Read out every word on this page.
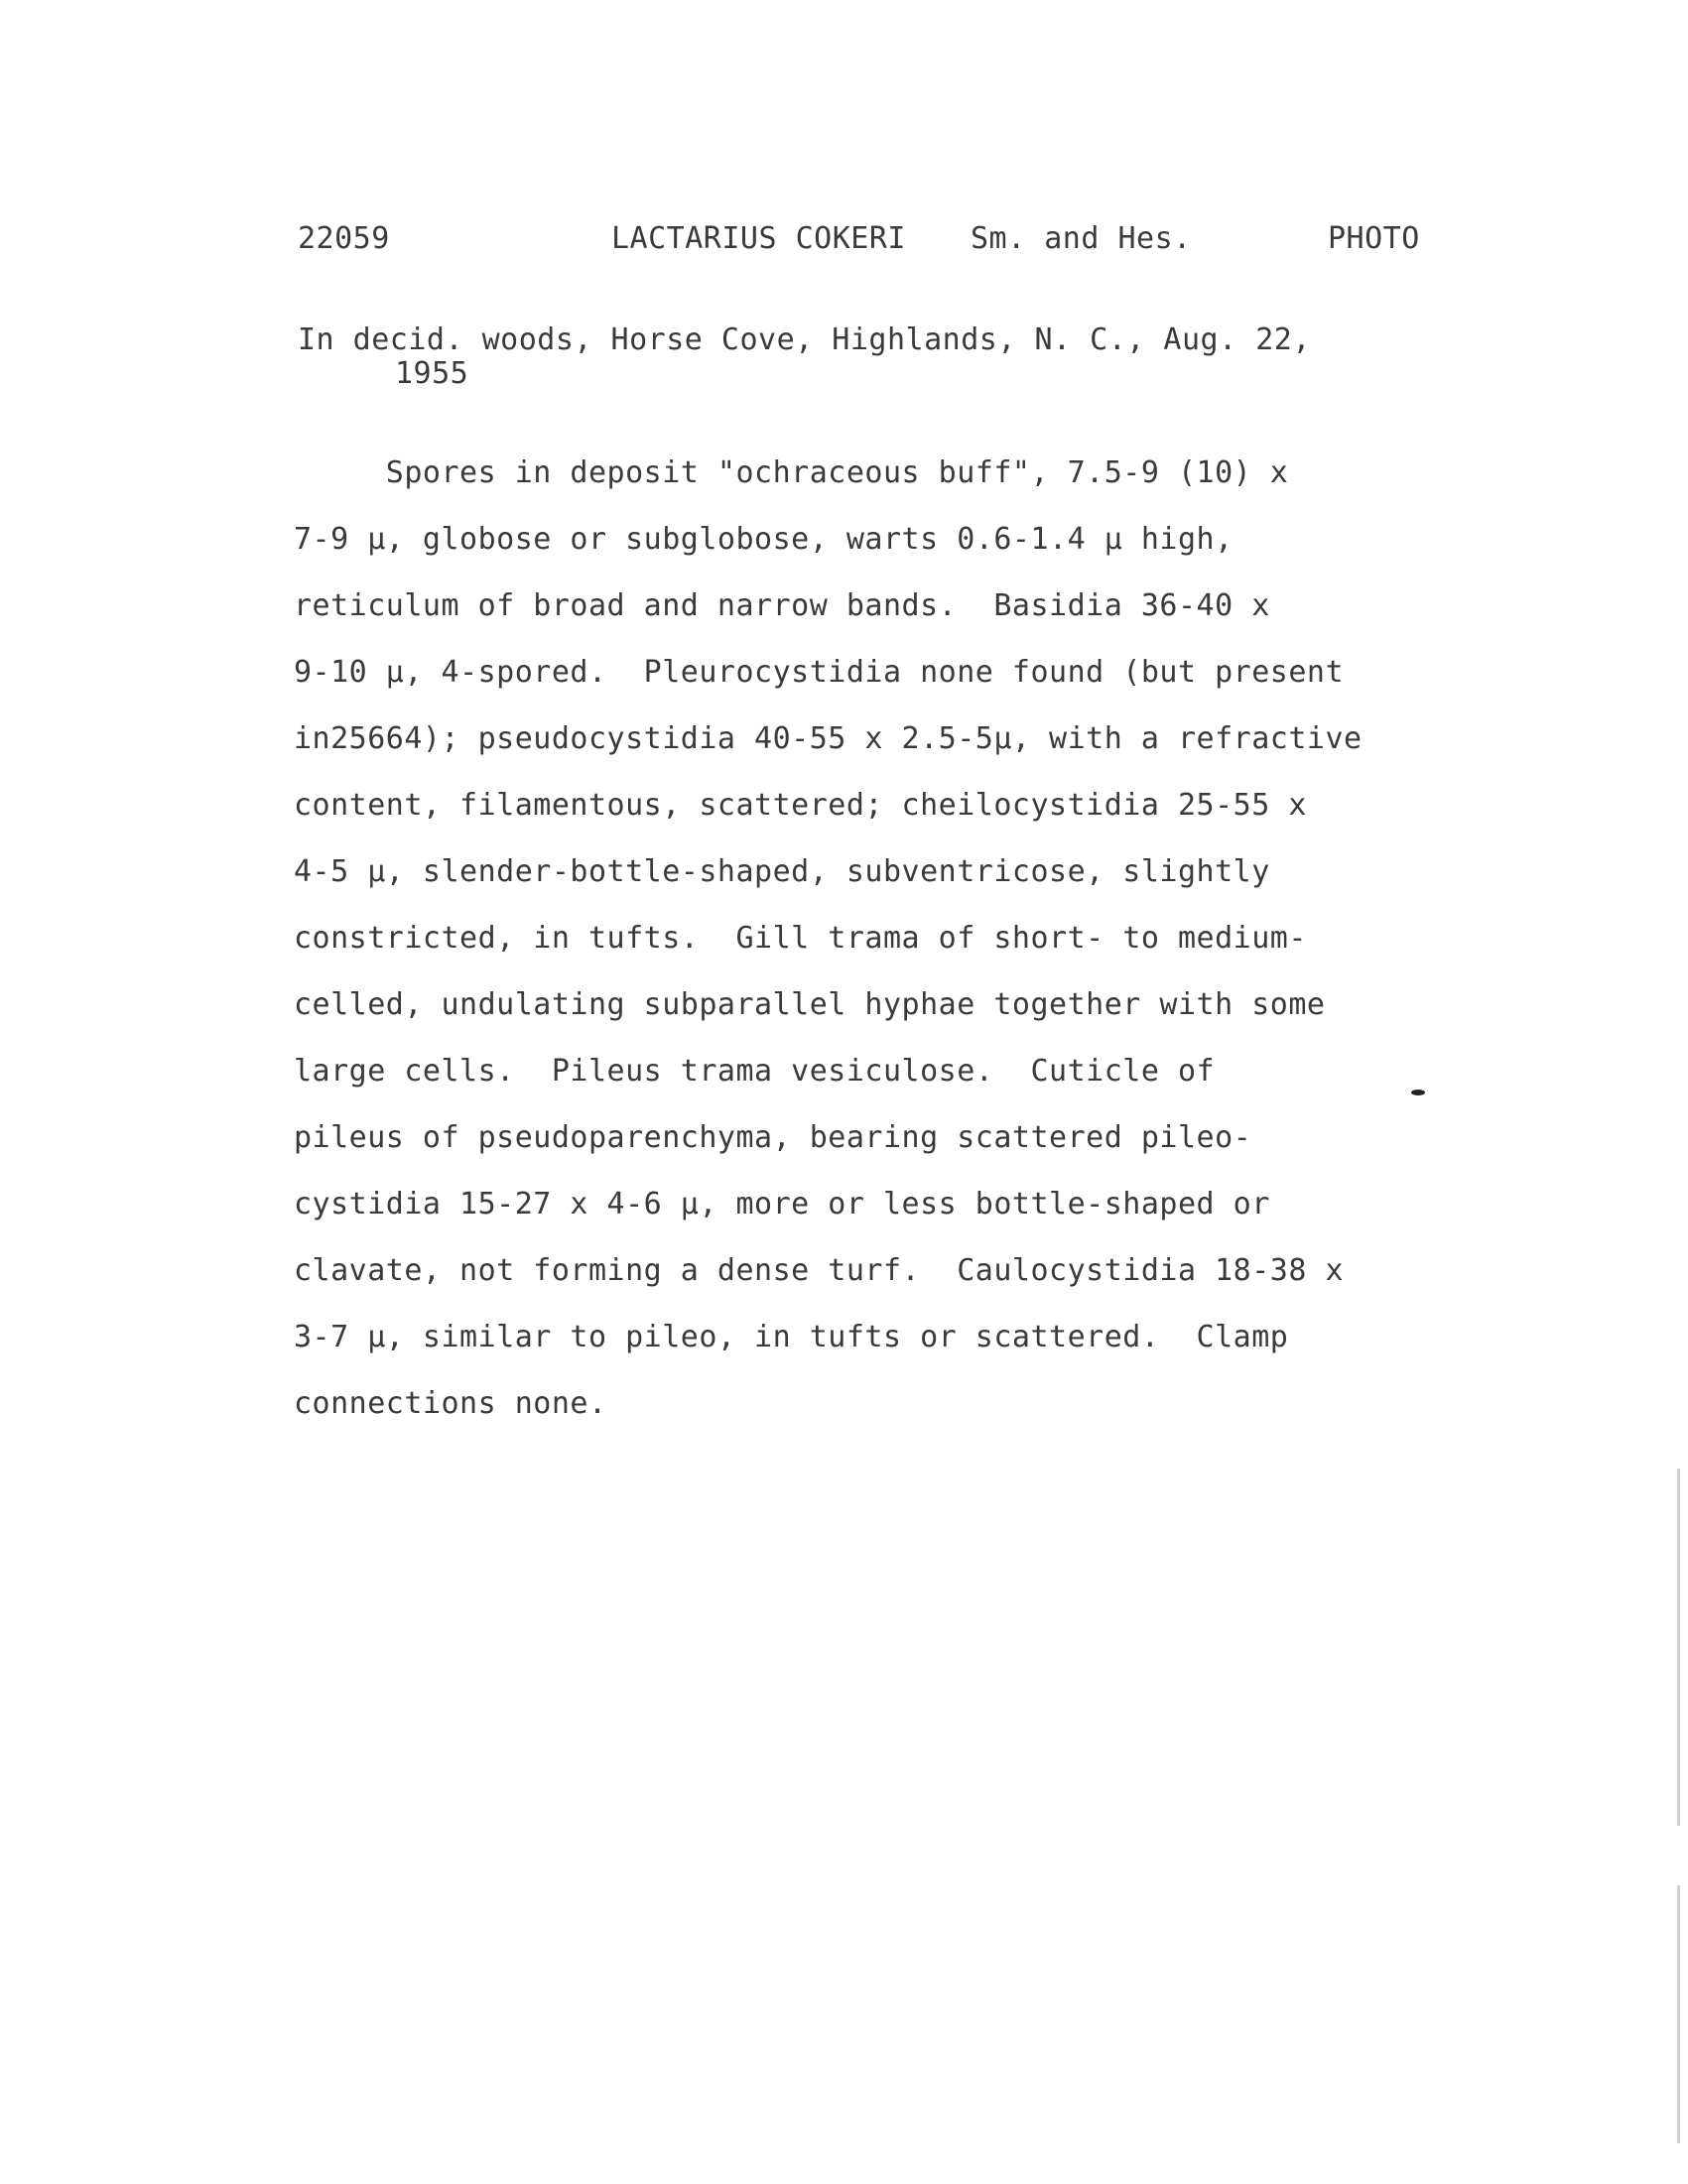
22059	LACTARIUS COKERI Sm. and Hes.	PHOTO
In decid. woods, Horse Cove, Highlands, N. C., Aug. 22,
1955
Spores in deposit "ochraceous buff", 7.5-9 (10) x
7-9 µ, globose or subglobose, warts 0.6-1.4 µ high,
reticulum of broad and narrow bands.  Basidia 36-40 x
9-10 µ, 4-spored.  Pleurocystidia none found (but present
in25664); pseudocystidia 40-55 x 2.5-5µ, with a refractive
content, filamentous, scattered; cheilocystidia 25-55 x
4-5 µ, slender-bottle-shaped, subventricose, slightly
constricted, in tufts.  Gill trama of short- to medium-
celled, undulating subparallel hyphae together with some
large cells.  Pileus trama vesiculose.  Cuticle of
pileus of pseudoparenchyma, bearing scattered pileo-
cystidia 15-27 x 4-6 µ, more or less bottle-shaped or
clavate, not forming a dense turf.  Caulocystidia 18-38 x
3-7 µ, similar to pileo, in tufts or scattered.  Clamp
connections none.
